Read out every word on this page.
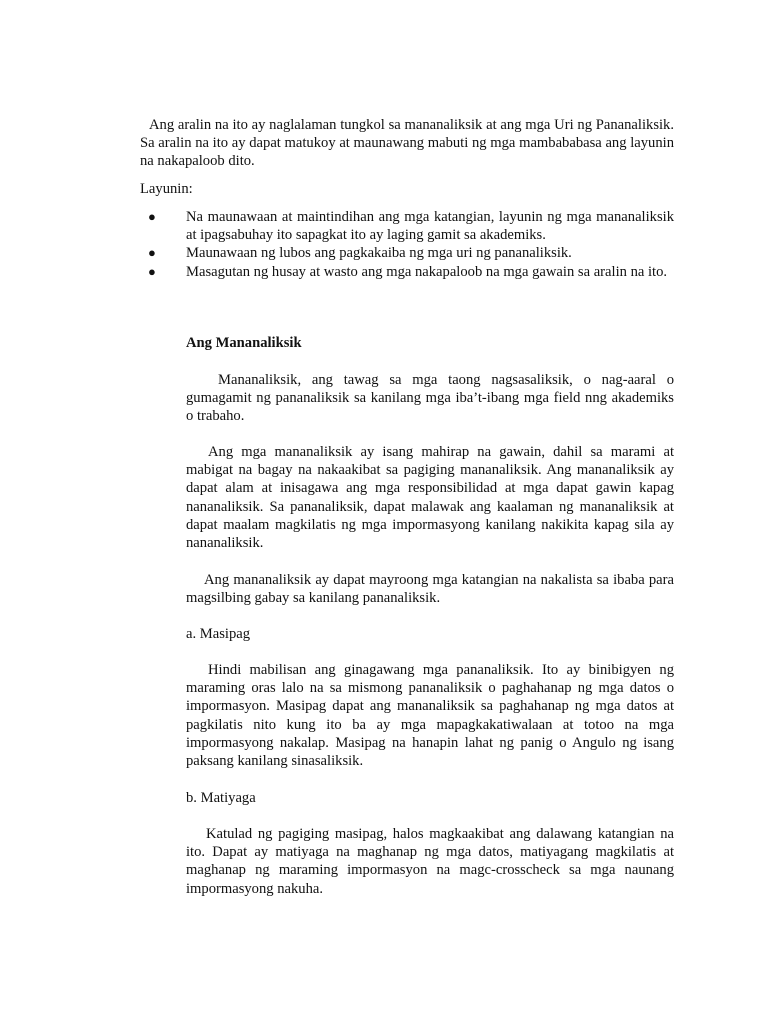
Ang aralin na ito ay naglalaman tungkol sa mananaliksik at ang mga Uri ng Pananaliksik. Sa aralin na ito ay dapat matukoy at maunawang mabuti ng mga mambababasa ang layunin na nakapaloob dito.

Layunin:

● Na maunawaan at maintindihan ang mga katangian, layunin ng mga mananaliksik at ipagsabuhay ito sapagkat ito ay laging gamit sa akademiks.
● Maunawaan ng lubos ang pagkakaiba ng mga uri ng pananaliksik.
● Masagutan ng husay at wasto ang mga nakapaloob na mga gawain sa aralin na ito.

Ang Mananaliksik

Mananaliksik, ang tawag sa mga taong nagsasaliksik, o nag-aaral o gumagamit ng pananaliksik sa kanilang mga iba’t-ibang mga field nng akademiks o trabaho.

Ang mga mananaliksik ay isang mahirap na gawain, dahil sa marami at mabigat na bagay na nakaakibat sa pagiging mananaliksik. Ang mananaliksik ay dapat alam at inisagawa ang mga responsibilidad at mga dapat gawin kapag nananaliksik. Sa pananaliksik, dapat malawak ang kaalaman ng mananaliksik at dapat maalam magkilatis ng mga impormasyong kanilang nakikita kapag sila ay nananaliksik.

Ang mananaliksik ay dapat mayroong mga katangian na nakalista sa ibaba para magsilbing gabay sa kanilang pananaliksik.

a. Masipag

Hindi mabilisan ang ginagawang mga pananaliksik. Ito ay binibigyen ng maraming oras lalo na sa mismong pananaliksik o paghahanap ng mga datos o impormasyon. Masipag dapat ang mananaliksik sa paghahanap ng mga datos at pagkilatis nito kung ito ba ay mga mapagkakatiwalaan at totoo na mga impormasyong nakalap. Masipag na hanapin lahat ng panig o Angulo ng isang paksang kanilang sinasaliksik.

b. Matiyaga

Katulad ng pagiging masipag, halos magkaakibat ang dalawang katangian na ito. Dapat ay matiyaga na maghanap ng mga datos, matiyagang magkilatis at maghanap ng maraming impormasyon na magc-crosscheck sa mga naunang impormasyong nakuha.
